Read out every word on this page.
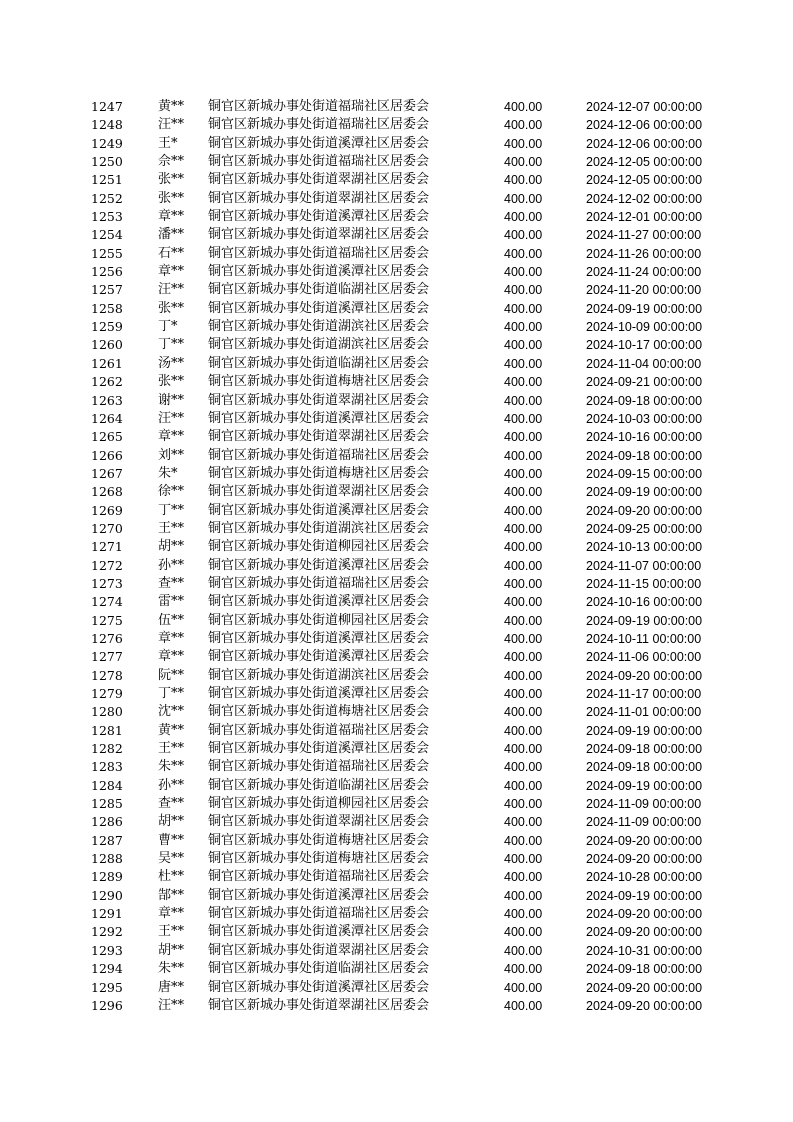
1247	黄** 铜官区新城办事处街道福瑞社区居委会	400.00	2024-12-07 00:00:00
1248	汪** 铜官区新城办事处街道福瑞社区居委会	400.00	2024-12-06 00:00:00
1249	王* 铜官区新城办事处街道溪潭社区居委会	400.00	2024-12-06 00:00:00
1250	佘** 铜官区新城办事处街道福瑞社区居委会	400.00	2024-12-05 00:00:00
1251	张** 铜官区新城办事处街道翠湖社区居委会	400.00	2024-12-05 00:00:00
1252	张** 铜官区新城办事处街道翠湖社区居委会	400.00	2024-12-02 00:00:00
1253	章** 铜官区新城办事处街道溪潭社区居委会	400.00	2024-12-01 00:00:00
1254	潘** 铜官区新城办事处街道翠湖社区居委会	400.00	2024-11-27 00:00:00
1255	石** 铜官区新城办事处街道福瑞社区居委会	400.00	2024-11-26 00:00:00
1256	章** 铜官区新城办事处街道溪潭社区居委会	400.00	2024-11-24 00:00:00
1257	汪** 铜官区新城办事处街道临湖社区居委会	400.00	2024-11-20 00:00:00
1258	张** 铜官区新城办事处街道溪潭社区居委会	400.00	2024-09-19 00:00:00
1259	丁* 铜官区新城办事处街道湖滨社区居委会	400.00	2024-10-09 00:00:00
1260	丁** 铜官区新城办事处街道湖滨社区居委会	400.00	2024-10-17 00:00:00
1261	汤** 铜官区新城办事处街道临湖社区居委会	400.00	2024-11-04 00:00:00
1262	张** 铜官区新城办事处街道梅塘社区居委会	400.00	2024-09-21 00:00:00
1263	谢** 铜官区新城办事处街道翠湖社区居委会	400.00	2024-09-18 00:00:00
1264	汪** 铜官区新城办事处街道溪潭社区居委会	400.00	2024-10-03 00:00:00
1265	章** 铜官区新城办事处街道翠湖社区居委会	400.00	2024-10-16 00:00:00
1266	刘** 铜官区新城办事处街道福瑞社区居委会	400.00	2024-09-18 00:00:00
1267	朱* 铜官区新城办事处街道梅塘社区居委会	400.00	2024-09-15 00:00:00
1268	徐** 铜官区新城办事处街道翠湖社区居委会	400.00	2024-09-19 00:00:00
1269	丁** 铜官区新城办事处街道溪潭社区居委会	400.00	2024-09-20 00:00:00
1270	王** 铜官区新城办事处街道湖滨社区居委会	400.00	2024-09-25 00:00:00
1271	胡** 铜官区新城办事处街道柳园社区居委会	400.00	2024-10-13 00:00:00
1272	孙** 铜官区新城办事处街道溪潭社区居委会	400.00	2024-11-07 00:00:00
1273	查** 铜官区新城办事处街道福瑞社区居委会	400.00	2024-11-15 00:00:00
1274	雷** 铜官区新城办事处街道溪潭社区居委会	400.00	2024-10-16 00:00:00
1275	伍** 铜官区新城办事处街道柳园社区居委会	400.00	2024-09-19 00:00:00
1276	章** 铜官区新城办事处街道溪潭社区居委会	400.00	2024-10-11 00:00:00
1277	章** 铜官区新城办事处街道溪潭社区居委会	400.00	2024-11-06 00:00:00
1278	阮** 铜官区新城办事处街道湖滨社区居委会	400.00	2024-09-20 00:00:00
1279	丁** 铜官区新城办事处街道溪潭社区居委会	400.00	2024-11-17 00:00:00
1280	沈** 铜官区新城办事处街道梅塘社区居委会	400.00	2024-11-01 00:00:00
1281	黄** 铜官区新城办事处街道福瑞社区居委会	400.00	2024-09-19 00:00:00
1282	王** 铜官区新城办事处街道溪潭社区居委会	400.00	2024-09-18 00:00:00
1283	朱** 铜官区新城办事处街道福瑞社区居委会	400.00	2024-09-18 00:00:00
1284	孙** 铜官区新城办事处街道临湖社区居委会	400.00	2024-09-19 00:00:00
1285	查** 铜官区新城办事处街道柳园社区居委会	400.00	2024-11-09 00:00:00
1286	胡** 铜官区新城办事处街道翠湖社区居委会	400.00	2024-11-09 00:00:00
1287	曹** 铜官区新城办事处街道梅塘社区居委会	400.00	2024-09-20 00:00:00
1288	吴** 铜官区新城办事处街道梅塘社区居委会	400.00	2024-09-20 00:00:00
1289	杜** 铜官区新城办事处街道福瑞社区居委会	400.00	2024-10-28 00:00:00
1290	郜** 铜官区新城办事处街道溪潭社区居委会	400.00	2024-09-19 00:00:00
1291	章** 铜官区新城办事处街道福瑞社区居委会	400.00	2024-09-20 00:00:00
1292	王** 铜官区新城办事处街道溪潭社区居委会	400.00	2024-09-20 00:00:00
1293	胡** 铜官区新城办事处街道翠湖社区居委会	400.00	2024-10-31 00:00:00
1294	朱** 铜官区新城办事处街道临湖社区居委会	400.00	2024-09-18 00:00:00
1295	唐** 铜官区新城办事处街道溪潭社区居委会	400.00	2024-09-20 00:00:00
1296	汪** 铜官区新城办事处街道翠湖社区居委会	400.00	2024-09-20 00:00:00
